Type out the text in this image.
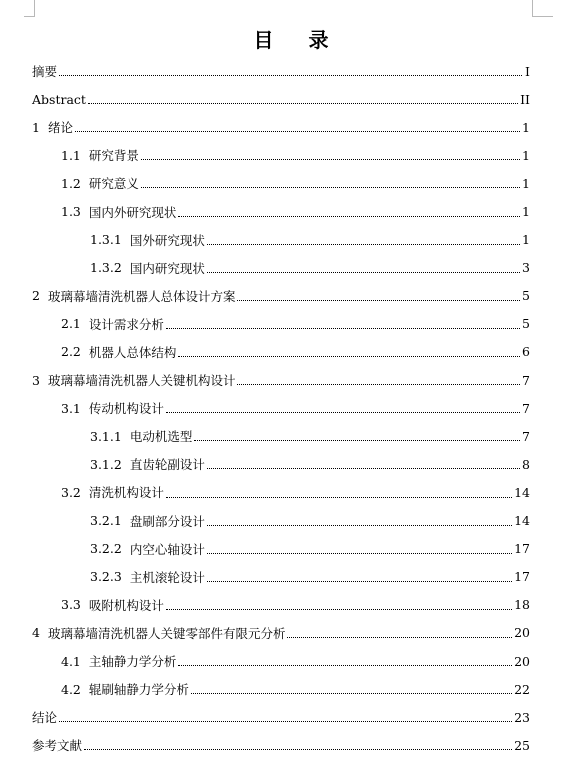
目 录
摘要	I
Abstract	II
1 绪论	1
1.1 研究背景	1
1.2 研究意义	1
1.3 国内外研究现状	1
1.3.1 国外研究现状	1
1.3.2 国内研究现状	3
2 玻璃幕墙清洗机器人总体设计方案	5
2.1 设计需求分析	5
2.2 机器人总体结构	6
3 玻璃幕墙清洗机器人关键机构设计	7
3.1 传动机构设计	7
3.1.1 电动机选型	7
3.1.2 直齿轮副设计	8
3.2 清洗机构设计	14
3.2.1 盘刷部分设计	14
3.2.2 内空心轴设计	17
3.2.3 主机滚轮设计	17
3.3 吸附机构设计	18
4 玻璃幕墙清洗机器人关键零部件有限元分析	20
4.1 主轴静力学分析	20
4.2 辊刷轴静力学分析	22
结论	23
参考文献	25
